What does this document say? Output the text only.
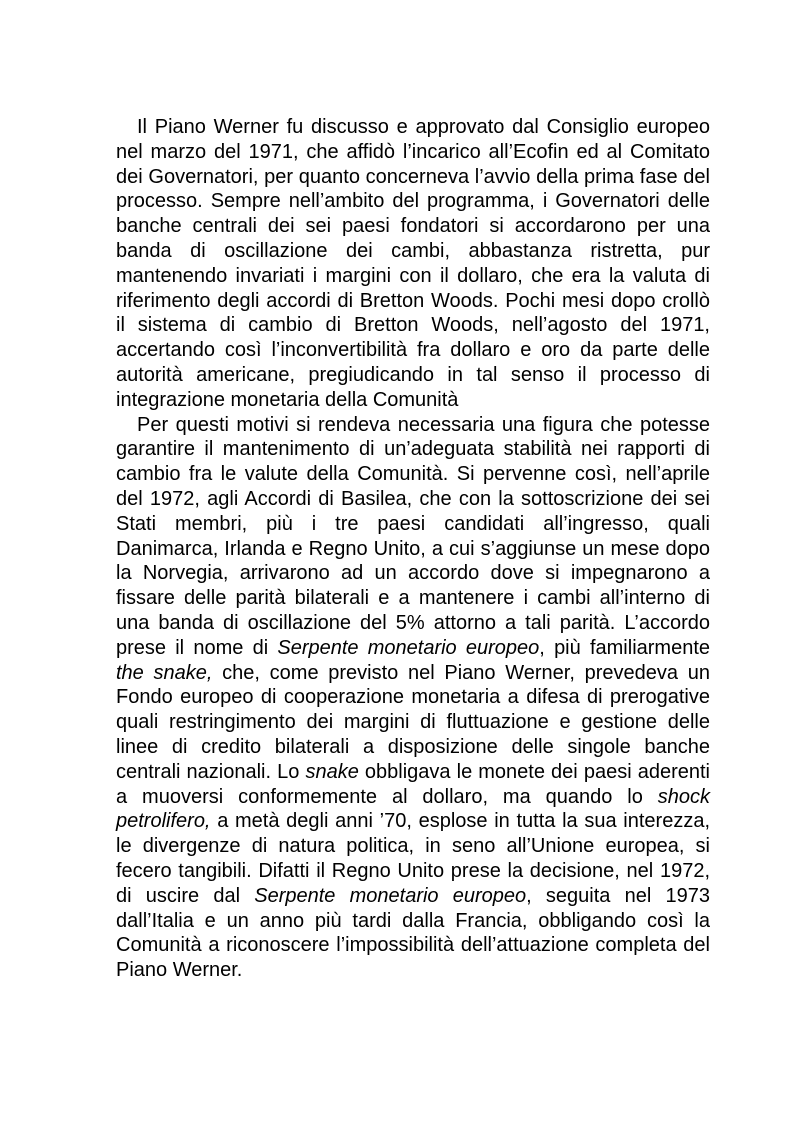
Il Piano Werner fu discusso e approvato dal Consiglio europeo nel marzo del 1971, che affidò l’incarico all’Ecofin ed al Comitato dei Governatori, per quanto concerneva l’avvio della prima fase del processo. Sempre nell’ambito del programma, i Governatori delle banche centrali dei sei paesi fondatori si accordarono per una banda di oscillazione dei cambi, abbastanza ristretta, pur mantenendo invariati i margini con il dollaro, che era la valuta di riferimento degli accordi di Bretton Woods. Pochi mesi dopo crollò il sistema di cambio di Bretton Woods, nell’agosto del 1971, accertando così l’inconvertibilità fra dollaro e oro da parte delle autorità americane, pregiudicando in tal senso il processo di integrazione monetaria della Comunità

Per questi motivi si rendeva necessaria una figura che potesse garantire il mantenimento di un’adeguata stabilità nei rapporti di cambio fra le valute della Comunità. Si pervenne così, nell’aprile del 1972, agli Accordi di Basilea, che con la sottoscrizione dei sei Stati membri, più i tre paesi candidati all’ingresso, quali Danimarca, Irlanda e Regno Unito, a cui s’aggiunse un mese dopo la Norvegia, arrivarono ad un accordo dove si impegnarono a fissare delle parità bilaterali e a mantenere i cambi all’interno di una banda di oscillazione del 5% attorno a tali parità. L’accordo prese il nome di Serpente monetario europeo, più familiarmente the snake, che, come previsto nel Piano Werner, prevedeva un Fondo europeo di cooperazione monetaria a difesa di prerogative quali restringimento dei margini di fluttuazione e gestione delle linee di credito bilaterali a disposizione delle singole banche centrali nazionali. Lo snake obbligava le monete dei paesi aderenti a muoversi conformemente al dollaro, ma quando lo shock petrolifero, a metà degli anni ’70, esplose in tutta la sua interezza, le divergenze di natura politica, in seno all’Unione europea, si fecero tangibili. Difatti il Regno Unito prese la decisione, nel 1972, di uscire dal Serpente monetario europeo, seguita nel 1973 dall’Italia e un anno più tardi dalla Francia, obbligando così la Comunità a riconoscere l’impossibilità dell’attuazione completa del Piano Werner.
